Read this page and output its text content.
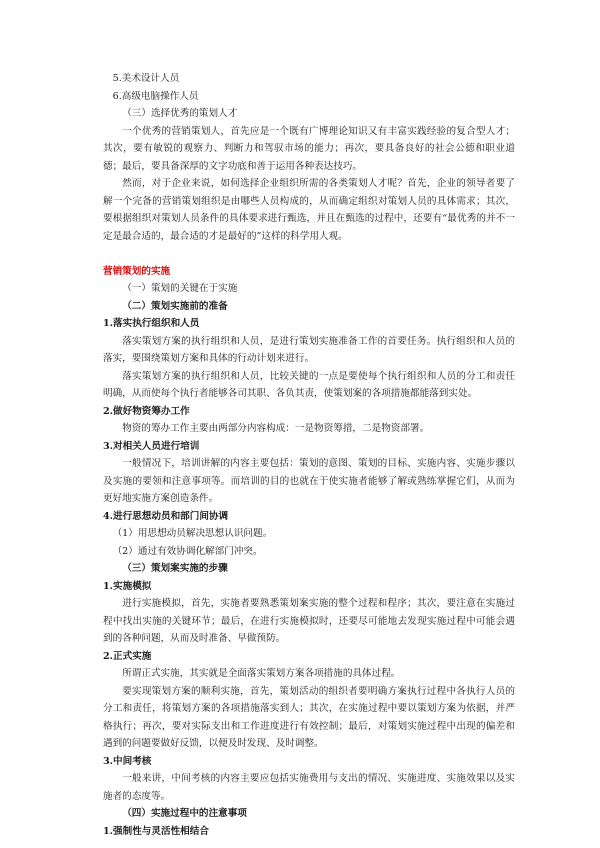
5.美术设计人员
6.高级电脑操作人员
（三）选择优秀的策划人才

一个优秀的营销策划人，首先应是一个既有广博理论知识又有丰富实践经验的复合型人才；其次，要有敏锐的观察力、判断力和驾驭市场的能力；再次，要具备良好的社会公德和职业道德；最后，要具备深厚的文字功底和善于运用各种表达技巧。

然而，对于企业来说，如何选择企业组织所需的各类策划人才呢？首先，企业的领导者要了解一个完备的营销策划组织是由哪些人员构成的，从而确定组织对策划人员的具体需求；其次，要根据组织对策划人员条件的具体要求进行甄选，并且在甄选的过程中，还要有“最优秀的并不一定是最合适的，最合适的才是最好的”这样的科学用人观。

营销策划的实施
（一）策划的关键在于实施
（二）策划实施前的准备
1.落实执行组织和人员

落实策划方案的执行组织和人员，是进行策划实施准备工作的首要任务。执行组织和人员的落实，要围绕策划方案和具体的行动计划来进行。

落实策划方案的执行组织和人员，比较关键的一点是要使每个执行组织和人员的分工和责任明确，从而使每个执行者能够各司其职、各负其责，使策划案的各项措施都能落到实处。

2.做好物资筹办工作

物资的筹办工作主要由两部分内容构成：一是物资筹措，二是物资部署。

3.对相关人员进行培训

一般情况下，培训讲解的内容主要包括：策划的意图、策划的目标、实施内容、实施步骤以及实施的要领和注意事项等。而培训的目的也就在于使实施者能够了解或熟练掌握它们，从而为更好地实施方案创造条件。

4.进行思想动员和部门间协调
（1）用思想动员解决思想认识问题。
（2）通过有效协调化解部门冲突。
（三）策划案实施的步骤
1.实施模拟

进行实施模拟，首先，实施者要熟悉策划案实施的整个过程和程序；其次，要注意在实施过程中找出实施的关键环节；最后，在进行实施模拟时，还要尽可能地去发现实施过程中可能会遇到的各种问题，从而及时准备、早做预防。

2.正式实施

所谓正式实施，其实就是全面落实策划方案各项措施的具体过程。

要实现策划方案的顺利实施，首先，策划活动的组织者要明确方案执行过程中各执行人员的分工和责任，将策划方案的各项措施落实到人；其次，在实施过程中要以策划方案为依据，并严格执行；再次，要对实际支出和工作进度进行有效控制；最后，对策划实施过程中出现的偏差和遇到的问题要做好反馈，以便及时发现、及时调整。

3.中间考核

一般来讲，中间考核的内容主要应包括实施费用与支出的情况、实施进度、实施效果以及实施者的态度等。

（四）实施过程中的注意事项
1.强制性与灵活性相结合
